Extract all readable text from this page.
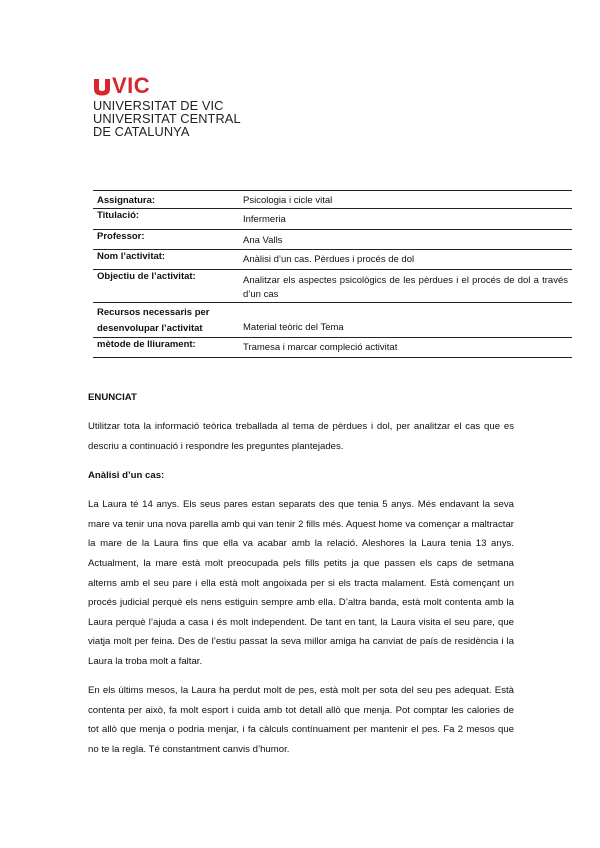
VIC
UNIVERSITAT DE VIC
UNIVERSITAT CENTRAL
DE CATALUNYA
Assignatura:	Psicologia i cicle vital
Titulació:	Infermeria
Professor:	Ana Valls
Nom l’activitat:	Anàlisi d’un cas. Pèrdues i procés de dol
Objectiu de l’activitat:	Analitzar els aspectes psicològics de les pèrdues i el procés de dol a través d’un cas
Recursos necessaris per desenvolupar l’activitat	Material teòric del Tema
mètode de lliurament:	Tramesa i marcar compleció activitat

ENUNCIAT

Utilitzar tota la informació teòrica treballada al tema de pèrdues i dol, per analitzar el cas que es descriu a continuació i respondre les preguntes plantejades.

Anàlisi d’un cas:

La Laura té 14 anys. Els seus pares estan separats des que tenia 5 anys. Més endavant la seva mare va tenir una nova parella amb qui van tenir 2 fills més. Aquest home va començar a maltractar la mare de la Laura fins que ella va acabar amb la relació. Aleshores la Laura tenia 13 anys. Actualment, la mare està molt preocupada pels fills petits ja que passen els caps de setmana alterns amb el seu pare i ella està molt angoixada per si els tracta malament. Està començant un procés judicial perquè els nens estiguin sempre amb ella. D’altra banda, està molt contenta amb la Laura perquè l’ajuda a casa i és molt independent. De tant en tant, la Laura visita el seu pare, que viatja molt per feina. Des de l’estiu passat la seva millor amiga ha canviat de país de residència i la Laura la troba molt a faltar.

En els últims mesos, la Laura ha perdut molt de pes, està molt per sota del seu pes adequat. Està contenta per això, fa molt esport i cuida amb tot detall allò que menja. Pot comptar les calories de tot allò que menja o podria menjar, i fa càlculs contínuament per mantenir el pes. Fa 2 mesos que no te la regla. Té constantment canvis d’humor.
